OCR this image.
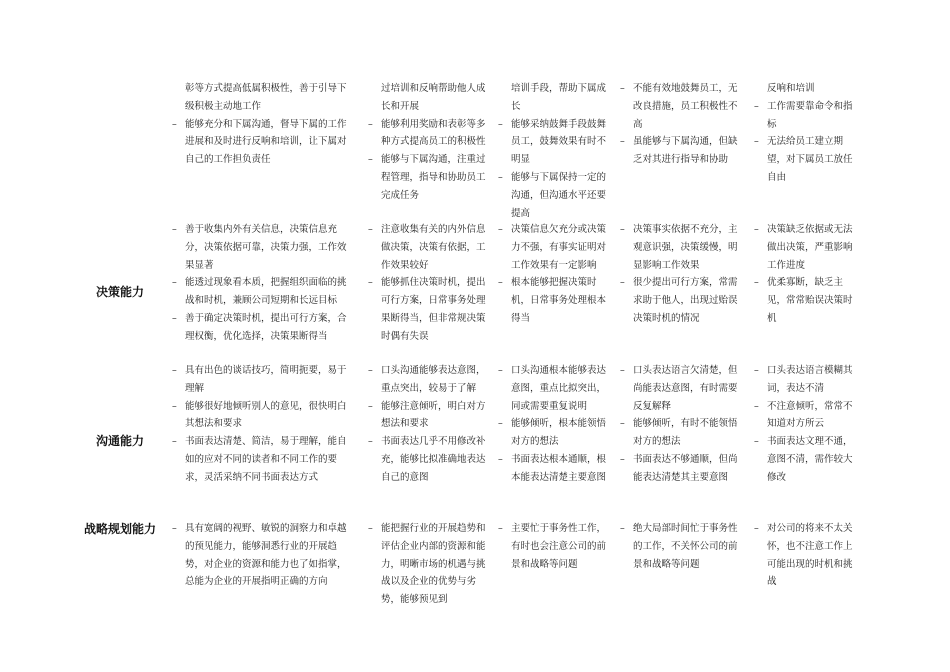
彰等方式提高低属积极性，善于引导下级积极主动地工作
– 能够充分和下属沟通，督导下属的工作进展和及时进行反响和培训，让下属对自己的工作担负责任
过培训和反响帮助他人成长和开展
– 能够利用奖励和表彰等多种方式提高员工的积极性
– 能够与下属沟通，注重过程管理，指导和协助员工完成任务
培训手段，帮助下属成长
– 能够采纳鼓舞手段鼓舞员工，鼓舞效果有时不明显
– 能够与下属保持一定的沟通，但沟通水平还要提高
– 不能有效地鼓舞员工，无改良措施，员工积极性不高
– 虽能够与下属沟通，但缺乏对其进行指导和协助
反响和培训
– 工作需要靠命令和指标
– 无法给员工建立期望，对下属员工放任自由
决策能力
– 善于收集内外有关信息，决策信息充分，决策依据可靠，决策力强，工作效果显著
– 能透过现象看本质，把握组织面临的挑战和时机，兼顾公司短期和长远目标
– 善于确定决策时机，提出可行方案，合理权衡，优化选择，决策果断得当
– 注意收集有关的内外信息做决策，决策有依据，工作效果较好
– 能够抓住决策时机，提出可行方案，日常事务处理果断得当，但非常规决策时偶有失误
– 决策信息欠充分或决策力不强，有事实证明对工作效果有一定影响
– 根本能够把握决策时机，日常事务处理根本得当
– 决策事实依据不充分，主观意识强，决策缓慢，明显影响工作效果
– 很少提出可行方案，常需求助于他人，出现过贻误决策时机的情况
– 决策缺乏依据或无法做出决策，严重影响工作进度
– 优柔寡断，缺乏主见，常常贻误决策时机
沟通能力
– 具有出色的谈话技巧，简明扼要，易于理解
– 能够很好地倾听别人的意见，很快明白其想法和要求
– 书面表达清楚、简洁，易于理解，能自如的应对不同的读者和不同工作的要求，灵活采纳不同书面表达方式
– 口头沟通能够表达意图，重点突出，较易于了解
– 能够注意倾听，明白对方想法和要求
– 书面表达几乎不用修改补充，能够比拟准确地表达自己的意图
– 口头沟通根本能够表达意图，重点比拟突出，同或需要重复说明
– 能够倾听，根本能领悟对方的想法
– 书面表达根本通顺，根本能表达清楚主要意图
– 口头表达语言欠清楚，但尚能表达意图，有时需要反复解释
– 能够倾听，有时不能领悟对方的想法
– 书面表达不够通顺，但尚能表达清楚其主要意图
– 口头表达语言模糊其词，表达不清
– 不注意倾听，常常不知道对方所云
– 书面表达文理不通，意图不清，需作较大修改
战略规划能力	– 具有宽阔的视野、敏锐的洞察力和卓越的预见能力，能够洞悉行业的开展趋势，对企业的资源和能力也了如指掌，总能为企业的开展指明正确的方向
– 能把握行业的开展趋势和评估企业内部的资源和能力，明晰市场的机遇与挑战以及企业的优势与劣势，能够预见到
– 主要忙于事务性工作，有时也会注意公司的前景和战略等问题
– 绝大局部时间忙于事务性的工作，不关怀公司的前景和战略等问题
– 对公司的将来不太关怀，也不注意工作上可能出现的时机和挑战
